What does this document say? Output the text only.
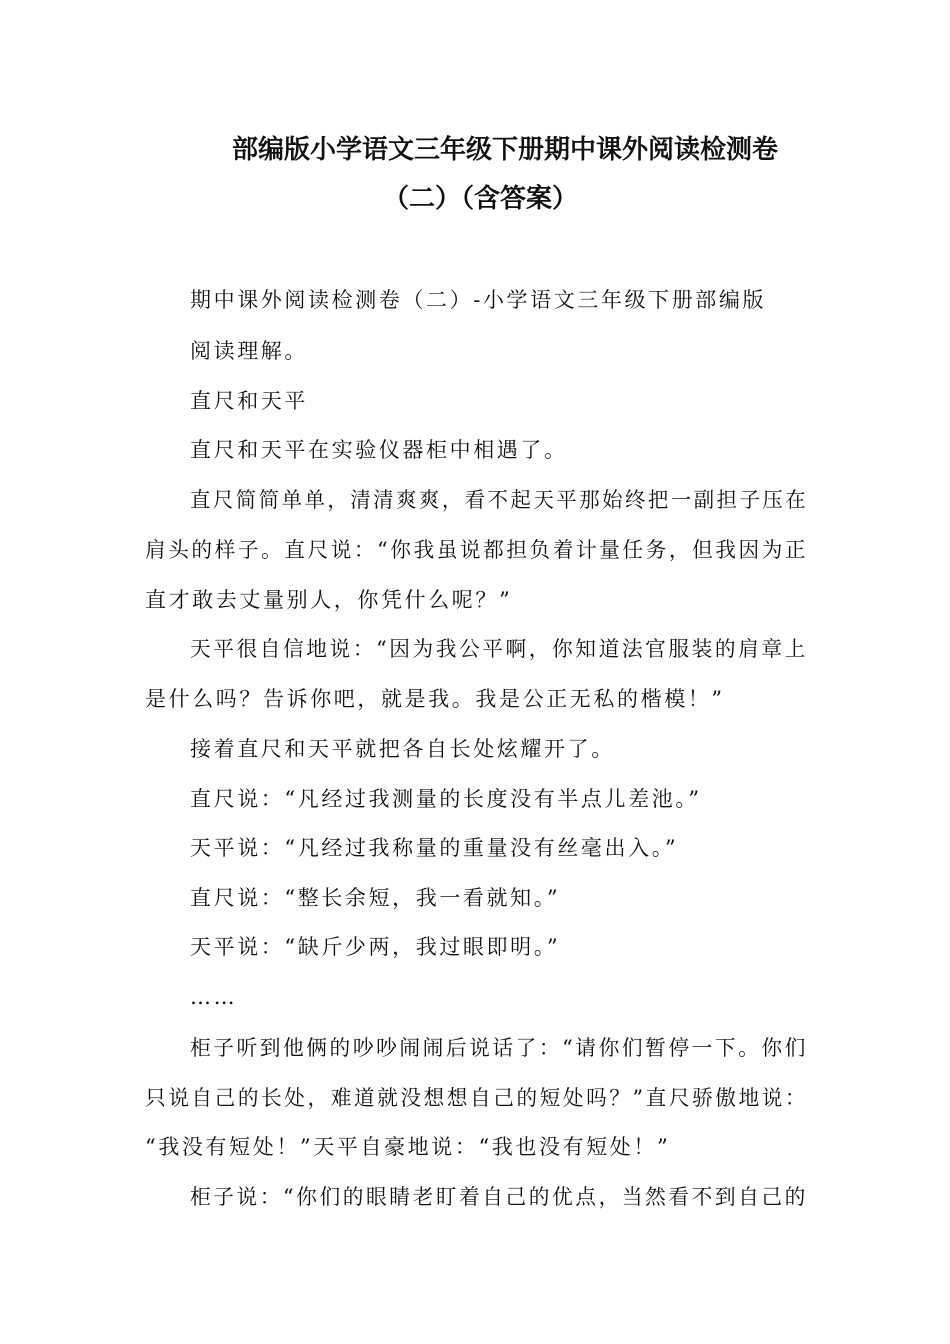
部编版小学语文三年级下册期中课外阅读检测卷
（二）（含答案）
期中课外阅读检测卷（二）-小学语文三年级下册部编版
阅读理解。
直尺和天平
直尺和天平在实验仪器柜中相遇了。
直尺简简单单，清清爽爽，看不起天平那始终把一副担子压在
肩头的样子。直尺说：“你我虽说都担负着计量任务，但我因为正
直才敢去丈量别人，你凭什么呢？”
天平很自信地说：“因为我公平啊，你知道法官服装的肩章上
是什么吗？告诉你吧，就是我。我是公正无私的楷模！”
接着直尺和天平就把各自长处炫耀开了。
直尺说：“凡经过我测量的长度没有半点儿差池。”
天平说：“凡经过我称量的重量没有丝毫出入。”
直尺说：“整长余短，我一看就知。”
天平说：“缺斤少两，我过眼即明。”
……
柜子听到他俩的吵吵闹闹后说话了：“请你们暂停一下。你们
只说自己的长处，难道就没想想自己的短处吗？”直尺骄傲地说：
“我没有短处！”天平自豪地说：“我也没有短处！”
柜子说：“你们的眼睛老盯着自己的优点，当然看不到自己的
